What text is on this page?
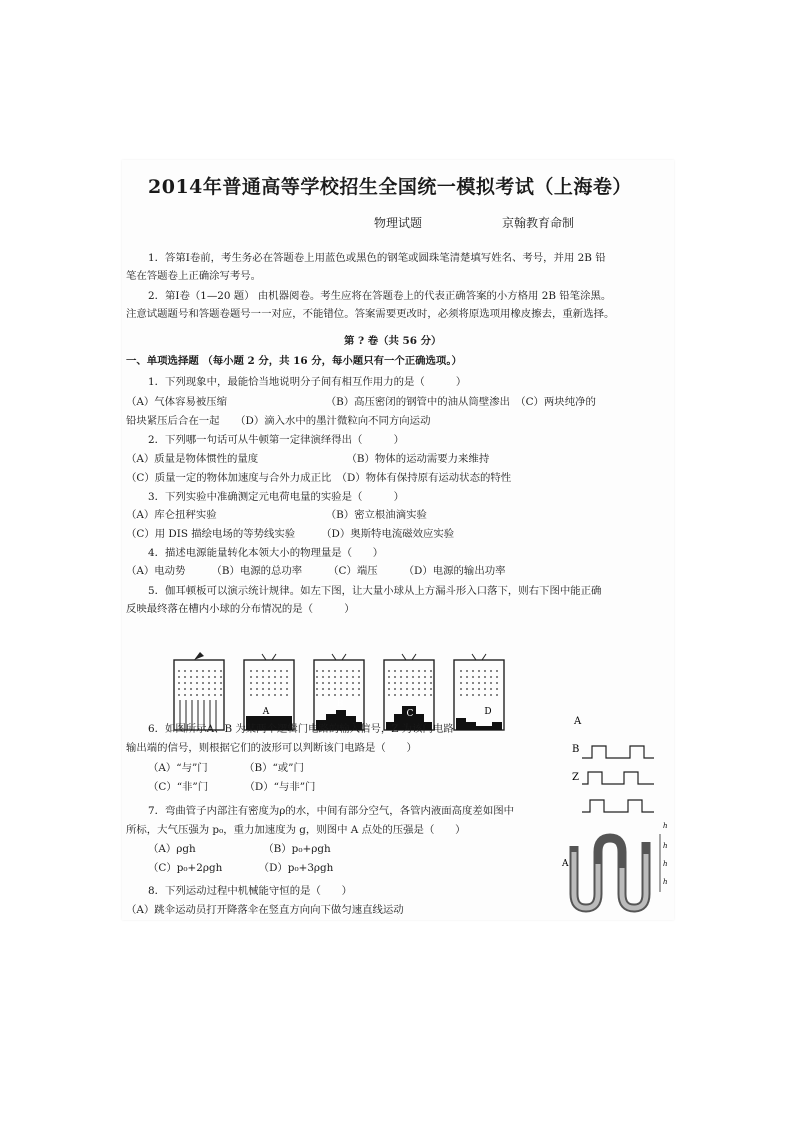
2014年普通高等学校招生全国统一模拟考试（上海卷）
物理试题	京翰教育命制
1．答第Ⅰ卷前，考生务必在答题卷上用蓝色或黑色的钢笔或圆珠笔清楚填写姓名、考号，并用 2B 铅
笔在答题卷上正确涂写考号。
2．第Ⅰ卷（1—20 题） 由机器阅卷。考生应将在答题卷上的代表正确答案的小方格用 2B 铅笔涂黑。
注意试题题号和答题卷题号一一对应，不能错位。答案需要更改时，必须将原选项用橡皮擦去，重新选择。
第 ? 卷（共 56 分）
一、单项选择题 （每小题 2 分，共 16 分，每小题只有一个正确选项。）
1．下列现象中，最能恰当地说明分子间有相互作用力的是（　　　）
（A）气体容易被压缩　　　　　　　　　　（B）高压密闭的钢管中的油从筒壁渗出　（C）两块纯净的
铅块紧压后合在一起　　（D）滴入水中的墨汁微粒向不同方向运动
2．下列哪一句话可从牛顿第一定律演绎得出（　　　）
（A）质量是物体惯性的量度　　　　　　　　　（B）物体的运动需要力来维持
（C）质量一定的物体加速度与合外力成正比　（D）物体有保持原有运动状态的特性
3．下列实验中准确测定元电荷电量的实验是（　　　）
（A）库仑扭秤实验　　　　　　　　　　　（B）密立根油滴实验
（C）用 DIS 描绘电场的等势线实验　　　（D）奥斯特电流磁效应实验
4．描述电源能量转化本领大小的物理量是（　　）
（A）电动势　　　（B）电源的总功率　　　（C）端压　　　（D）电源的输出功率
5．伽耳顿板可以演示统计规律。如左下图，让大量小球从上方漏斗形入口落下，则右下图中能正确
反映最终落在槽内小球的分布情况的是（　　　）
A
B
C	D
6．如图所示A、B 为某两个逻辑门电路的输入信号，Z 为该门电路
输出端的信号，则根据它们的波形可以判断该门电路是（　　）
（A）“与”门　　　　（B）“或”门
（C）“非”门　　　　（D）“与非”门
A
B
Z
7．弯曲管子内部注有密度为ρ的水，中间有部分空气，各管内液面高度差如图中
所标，大气压强为 p₀，重力加速度为 g，则图中 A 点处的压强是（　　）
（A）ρgh　　　　　　　（B）p₀+ρgh
（C）p₀+2ρgh　　　　（D）p₀+3ρgh	A
h
h
h
h
8．下列运动过程中机械能守恒的是（　　）
（A）跳伞运动员打开降落伞在竖直方向向下做匀速直线运动
